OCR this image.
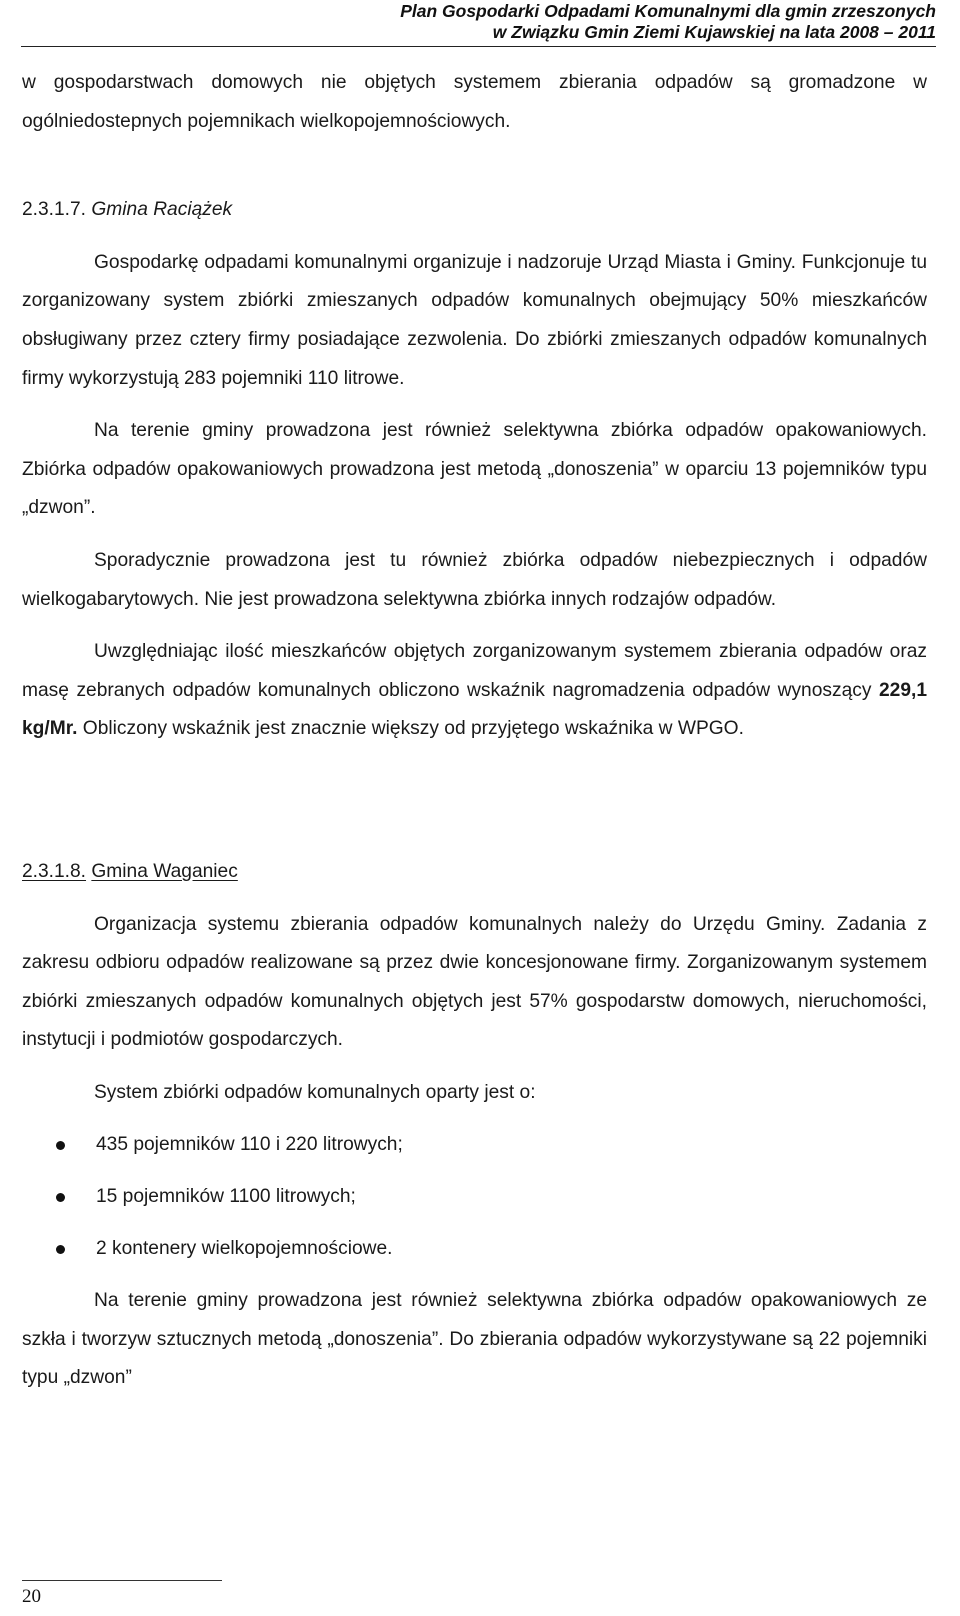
Plan Gospodarki Odpadami Komunalnymi dla gmin zrzeszonych
w Związku Gmin Ziemi Kujawskiej na lata 2008 – 2011

w gospodarstwach domowych nie objętych systemem zbierania odpadów są gromadzone w ogólniedostepnych pojemnikach wielkopojemnościowych.

2.3.1.7. Gmina Raciążek

Gospodarkę odpadami komunalnymi organizuje i nadzoruje Urząd Miasta i Gminy. Funkcjonuje tu zorganizowany system zbiórki zmieszanych odpadów komunalnych obejmujący 50% mieszkańców obsługiwany przez cztery firmy posiadające zezwolenia. Do zbiórki zmieszanych odpadów komunalnych firmy wykorzystują 283 pojemniki 110 litrowe.

Na terenie gminy prowadzona jest również selektywna zbiórka odpadów opakowaniowych. Zbiórka odpadów opakowaniowych prowadzona jest metodą „donoszenia” w oparciu 13 pojemników typu „dzwon”.

Sporadycznie prowadzona jest tu również zbiórka odpadów niebezpiecznych i odpadów wielkogabarytowych. Nie jest prowadzona selektywna zbiórka innych rodzajów odpadów.

Uwzględniając ilość mieszkańców objętych zorganizowanym systemem zbierania odpadów oraz masę zebranych odpadów komunalnych obliczono wskaźnik nagromadzenia odpadów wynoszący 229,1 kg/Mr. Obliczony wskaźnik jest znacznie większy od przyjętego wskaźnika w WPGO.

2.3.1.8. Gmina Waganiec

Organizacja systemu zbierania odpadów komunalnych należy do Urzędu Gminy. Zadania z zakresu odbioru odpadów realizowane są przez dwie koncesjonowane firmy. Zorganizowanym systemem zbiórki zmieszanych odpadów komunalnych objętych jest 57% gospodarstw domowych, nieruchomości, instytucji i podmiotów gospodarczych.

System zbiórki odpadów komunalnych oparty jest o:

435 pojemników 110 i 220 litrowych;
15 pojemników 1100 litrowych;
2 kontenery wielkopojemnościowe.

Na terenie gminy prowadzona jest również selektywna zbiórka odpadów opakowaniowych ze szkła i tworzyw sztucznych metodą „donoszenia”. Do zbierania odpadów wykorzystywane są 22 pojemniki typu „dzwon”

20
